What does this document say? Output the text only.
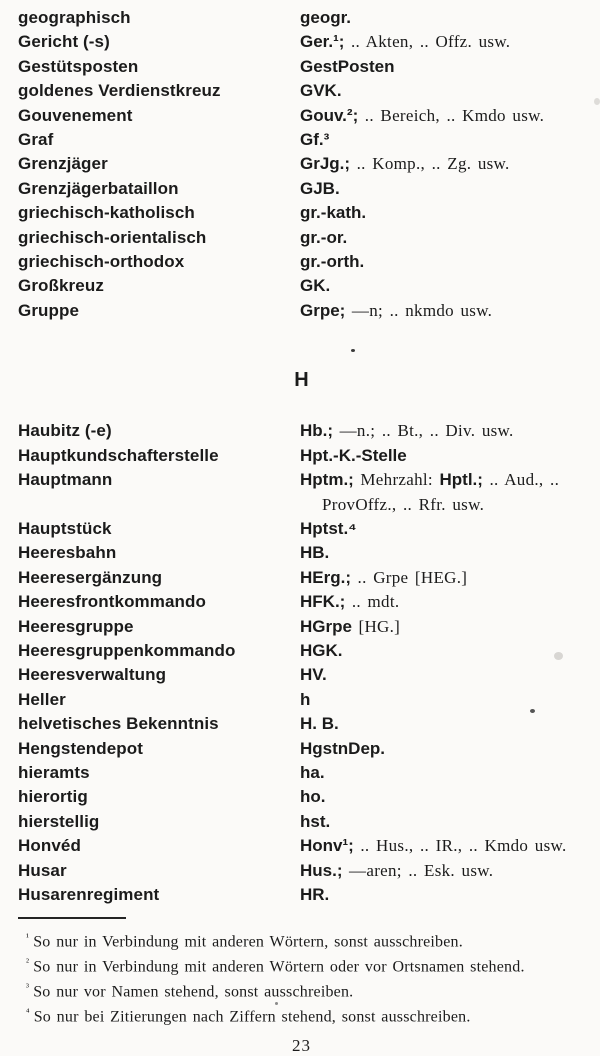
geographisch	geogr.
Gericht (-s)	Ger.¹; .. Akten, .. Offz. usw.
Gestütsposten	GestPosten
goldenes Verdienstkreuz	GVK.
Gouvenement	Gouv.²; .. Bereich, .. Kmdo usw.
Graf	Gf.³
Grenzjäger	GrJg.; .. Komp., .. Zg. usw.
Grenzjägerbataillon	GJB.
griechisch-katholisch	gr.-kath.
griechisch-orientalisch	gr.-or.
griechisch-orthodox	gr.-orth.
Großkreuz	GK.
Gruppe	Grpe; —n; .. nkmdo usw.
H
Haubitz (-e)	Hb.; —n.; .. Bt., .. Div. usw.
Hauptkundschafterstelle	Hpt.-K.-Stelle
Hauptmann	Hptm.; Mehrzahl: Hptl.; .. Aud., .. ProvOffz., .. Rfr. usw.
Hauptstück	Hptst.⁴
Heeresbahn	HB.
Heeresergänzung	HErg.; .. Grpe [HEG.]
Heeresfrontkommando	HFK.; .. mdt.
Heeresgruppe	HGrpe [HG.]
Heeresgruppenkommando	HGK.
Heeresverwaltung	HV.
Heller	h
helvetisches Bekenntnis	H. B.
Hengstendepot	HgstnDep.
hieramts	ha.
hierortig	ho.
hierstellig	hst.
Honvéd	Honv¹; .. Hus., .. IR., .. Kmdo usw.
Husar	Hus.; —aren; .. Esk. usw.
Husarenregiment	HR.
$^{^1}$ So nur in Verbindung mit anderen Wörtern, sonst ausschreiben.
$^{^2}$ So nur in Verbindung mit anderen Wörtern oder vor Ortsnamen stehend.
$^{^3}$ So nur vor Namen stehend, sonst ausschreiben.
$^{^4}$ So nur bei Zitierungen nach Ziffern stehend, sonst ausschreiben.
23
